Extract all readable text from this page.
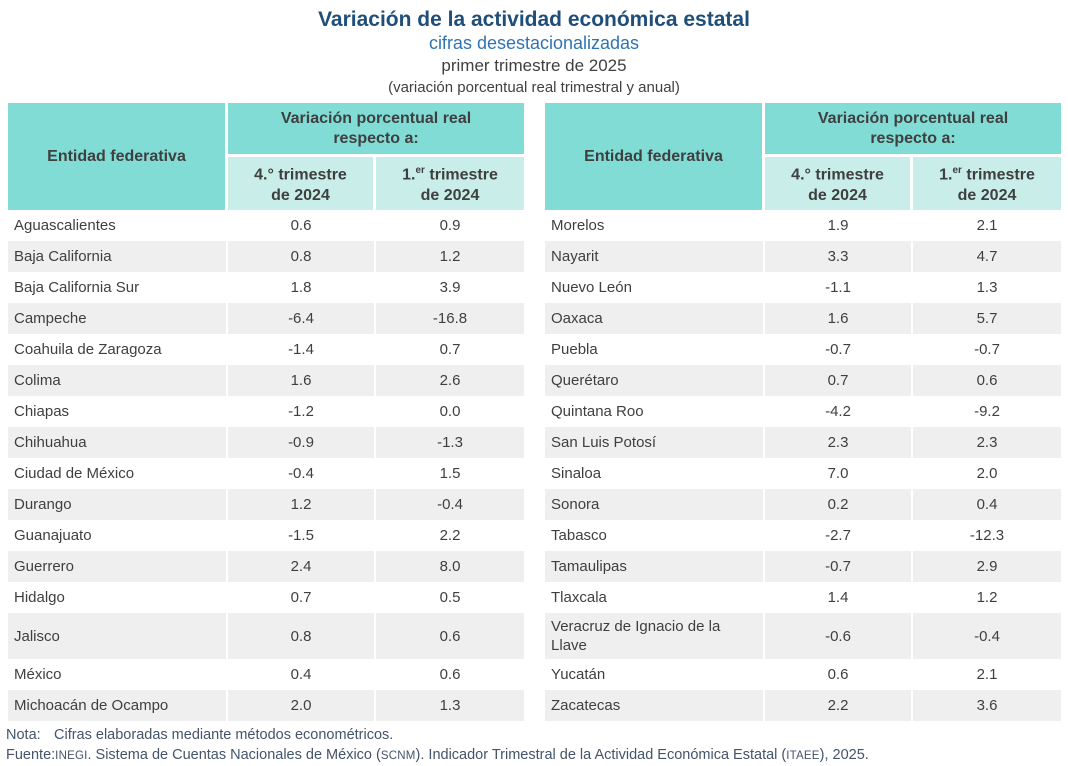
Variación de la actividad económica estatal
cifras desestacionalizadas
primer trimestre de 2025
(variación porcentual real trimestral y anual)
Entidad federativa	Variación porcentual real
respecto a:	
	4.° trimestre
de 2024	1.$^{er}$ trimestre
de 2024
Aguascalientes	0.6	0.9
Baja California	0.8	1.2
Baja California Sur	1.8	3.9
Campeche	-6.4	-16.8
Coahuila de Zaragoza	-1.4	0.7
Colima	1.6	2.6
Chiapas	-1.2	0.0
Chihuahua	-0.9	-1.3
Ciudad de México	-0.4	1.5
Durango	1.2	-0.4
Guanajuato	-1.5	2.2
Guerrero	2.4	8.0
Hidalgo	0.7	0.5
Jalisco	0.8	0.6
México	0.4	0.6
Michoacán de Ocampo	2.0	1.3
Entidad federativa	Variación porcentual real
respecto a:	
	4.° trimestre
de 2024	1.$^{er}$ trimestre
de 2024
Morelos	1.9	2.1
Nayarit	3.3	4.7
Nuevo León	-1.1	1.3
Oaxaca	1.6	5.7
Puebla	-0.7	-0.7
Querétaro	0.7	0.6
Quintana Roo	-4.2	-9.2
San Luis Potosí	2.3	2.3
Sinaloa	7.0	2.0
Sonora	0.2	0.4
Tabasco	-2.7	-12.3
Tamaulipas	-0.7	2.9
Tlaxcala	1.4	1.2
Veracruz de Ignacio de la Llave	-0.6	-0.4
Yucatán	0.6	2.1
Zacatecas	2.2	3.6
Nota: Cifras elaboradas mediante métodos econométricos.
Fuente: INEGI. Sistema de Cuentas Nacionales de México (SCNM). Indicador Trimestral de la Actividad Económica Estatal (ITAEE), 2025.
